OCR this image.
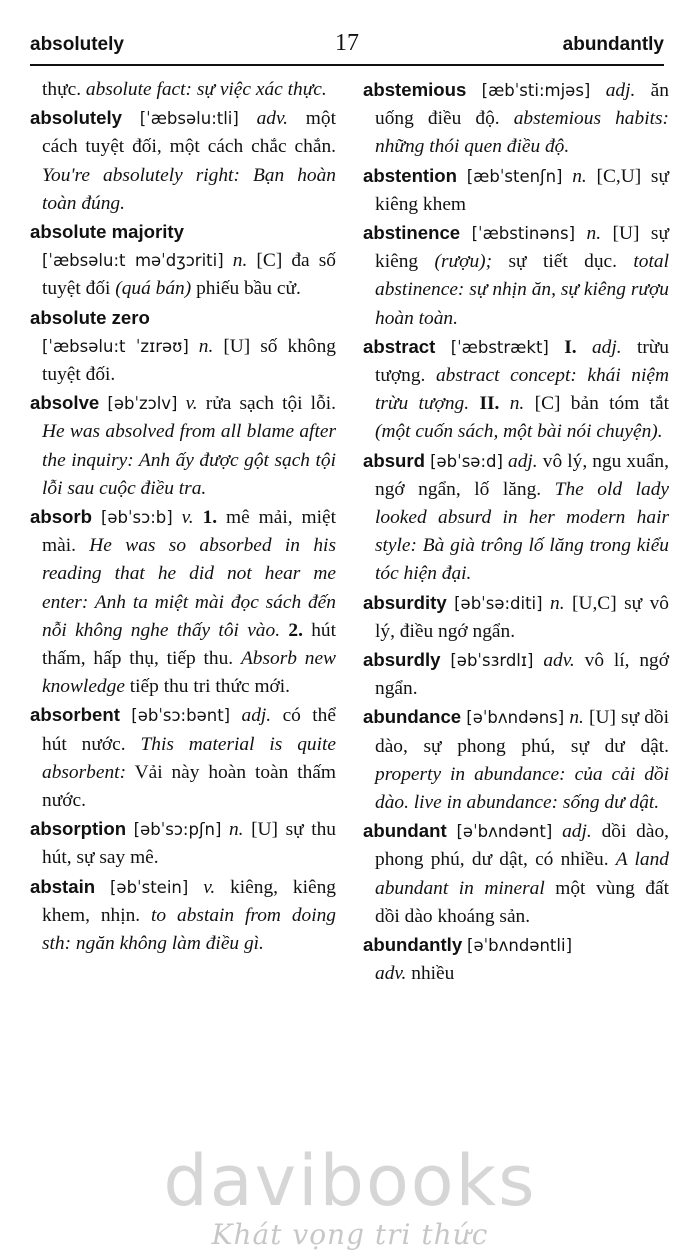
absolutely	17	abundantly

thực. absolute fact: sự việc xác thực.

absolutely [ˈæbsəlu:tli] adv. một cách tuyệt đối, một cách chắc chắn. You're absolutely right: Bạn hoàn toàn đúng.

absolute majority
[ˈæbsəlu:t məˈdʒɔriti] n. [C] đa số tuyệt đối (quá bán) phiếu bầu cử.

absolute zero
[ˈæbsəlu:t ˈzɪrəʊ] n. [U] số không tuyệt đối.

absolve [əbˈzɔlv] v. rửa sạch tội lỗi. He was absolved from all blame after the inquiry: Anh ấy được gột sạch tội lỗi sau cuộc điều tra.

absorb [əbˈsɔ:b] v. 1. mê mải, miệt mài. He was so absorbed in his reading that he did not hear me enter: Anh ta miệt mài đọc sách đến nỗi không nghe thấy tôi vào. 2. hút thấm, hấp thụ, tiếp thu. Absorb new knowledge tiếp thu tri thức mới.

absorbent [əbˈsɔ:bənt] adj. có thể hút nước. This material is quite absorbent: Vải này hoàn toàn thấm nước.

absorption [əbˈsɔ:pʃn] n. [U] sự thu hút, sự say mê.

abstain [əbˈstein] v. kiêng, kiêng khem, nhịn. to abstain from doing sth: ngăn không làm điều gì.

abstemious [æbˈsti:mjəs] adj. ăn uống điều độ. abstemious habits: những thói quen điều độ.

abstention [æbˈstenʃn] n. [C,U] sự kiêng khem

abstinence [ˈæbstinəns] n. [U] sự kiêng (rượu); sự tiết dục. total abstinence: sự nhịn ăn, sự kiêng rượu hoàn toàn.

abstract [ˈæbstrækt] I. adj. trừu tượng. abstract concept: khái niệm trừu tượng. II. n. [C] bản tóm tắt (một cuốn sách, một bài nói chuyện).

absurd [əbˈsə:d] adj. vô lý, ngu xuẩn, ngớ ngẩn, lố lăng. The old lady looked absurd in her modern hair style: Bà già trông lố lăng trong kiểu tóc hiện đại.

absurdity [əbˈsə:diti] n. [U,C] sự vô lý, điều ngớ ngẩn.

absurdly [əbˈsɜrdlɪ] adv. vô lí, ngớ ngẩn.

abundance [əˈbʌndəns] n. [U] sự dồi dào, sự phong phú, sự dư dật. property in abundance: của cải dồi dào. live in abundance: sống dư dật.

abundant [əˈbʌndənt] adj. dồi dào, phong phú, dư dật, có nhiều. A land abundant in mineral một vùng đất dồi dào khoáng sản.

abundantly [əˈbʌndəntli]
adv. nhiều

davibooks
Khát vọng tri thức
